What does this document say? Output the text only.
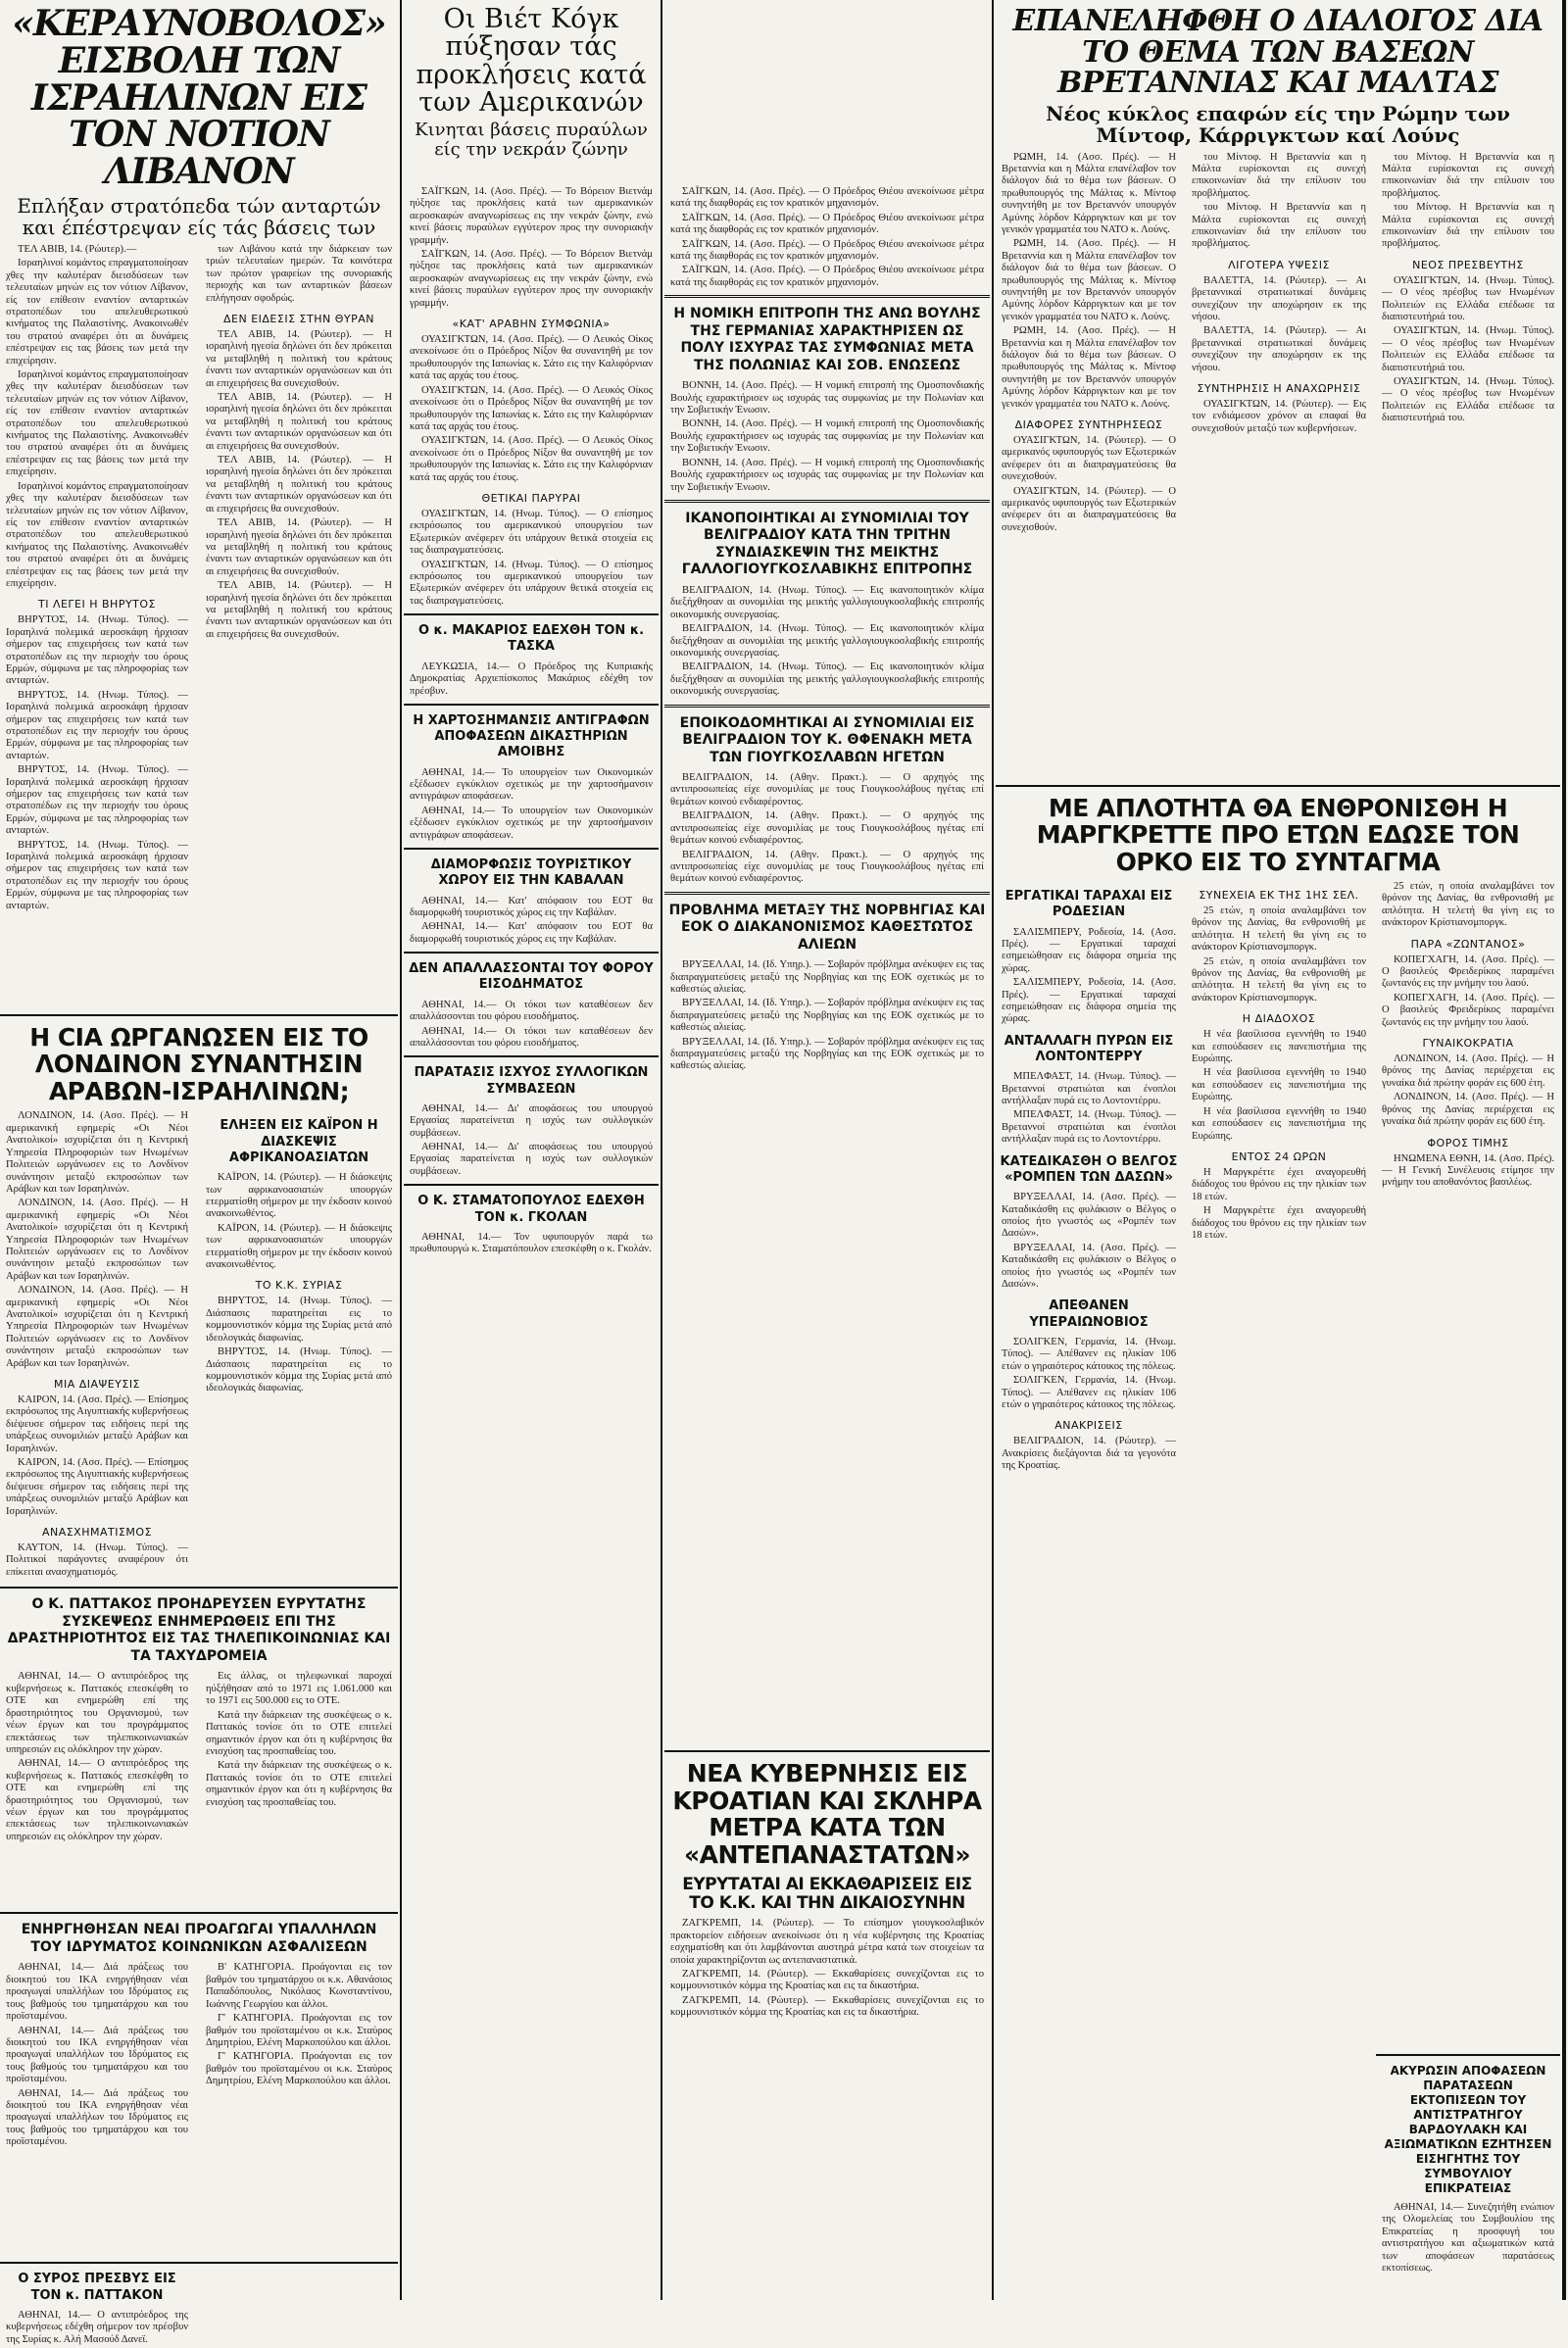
«ΚΕΡΑΥΝΟΒΟΛΟΣ» ΕΙΣΒΟΛΗ ΤΩΝ ΙΣΡΑΗΛΙΝΩΝ ΕΙΣ ΤΟΝ ΝΟΤΙΟΝ ΛΙΒΑΝΟΝ
Επλήξαν στρατόπεδα τών ανταρτών και έπέστρεψαν είς τάς βάσεις των

ΤΕΛ ΑΒΙΒ, 14. (Ρώυτερ).—

Ισραηλινοί κομάντος επραγματοποίησαν χθες την καλυτέραν διεισδύσεων των τελευταίων μηνών εις τον νότιον Λίβανον, είς τον επίθεσιν εναντίον ανταρτικών στρατοπέδων του απελευθερωτικού κινήματος της Παλαιστίνης. Ανακοινωθέν του στρατού αναφέρει ότι αι δυνάμεις επέστρεψαν εις τας βάσεις των μετά την επιχείρησιν.

Ισραηλινοί κομάντος επραγματοποίησαν χθες την καλυτέραν διεισδύσεων των τελευταίων μηνών εις τον νότιον Λίβανον, είς τον επίθεσιν εναντίον ανταρτικών στρατοπέδων του απελευθερωτικού κινήματος της Παλαιστίνης. Ανακοινωθέν του στρατού αναφέρει ότι αι δυνάμεις επέστρεψαν εις τας βάσεις των μετά την επιχείρησιν.

Ισραηλινοί κομάντος επραγματοποίησαν χθες την καλυτέραν διεισδύσεων των τελευταίων μηνών εις τον νότιον Λίβανον, είς τον επίθεσιν εναντίον ανταρτικών στρατοπέδων του απελευθερωτικού κινήματος της Παλαιστίνης. Ανακοινωθέν του στρατού αναφέρει ότι αι δυνάμεις επέστρεψαν εις τας βάσεις των μετά την επιχείρησιν.

ΤΙ ΛΕΓΕΙ Η ΒΗΡΥΤΟΣ

ΒΗΡΥΤΟΣ, 14. (Ηνωμ. Τύπος). — Ισραηλινά πολεμικά αεροσκάφη ήρχισαν σήμερον τας επιχειρήσεις των κατά των στρατοπέδων εις την περιοχήν του όρους Ερμών, σύμφωνα με τας πληροφορίας των ανταρτών.

ΒΗΡΥΤΟΣ, 14. (Ηνωμ. Τύπος). — Ισραηλινά πολεμικά αεροσκάφη ήρχισαν σήμερον τας επιχειρήσεις των κατά των στρατοπέδων εις την περιοχήν του όρους Ερμών, σύμφωνα με τας πληροφορίας των ανταρτών.

ΒΗΡΥΤΟΣ, 14. (Ηνωμ. Τύπος). — Ισραηλινά πολεμικά αεροσκάφη ήρχισαν σήμερον τας επιχειρήσεις των κατά των στρατοπέδων εις την περιοχήν του όρους Ερμών, σύμφωνα με τας πληροφορίας των ανταρτών.

ΒΗΡΥΤΟΣ, 14. (Ηνωμ. Τύπος). — Ισραηλινά πολεμικά αεροσκάφη ήρχισαν σήμερον τας επιχειρήσεις των κατά των στρατοπέδων εις την περιοχήν του όρους Ερμών, σύμφωνα με τας πληροφορίας των ανταρτών.

των Λιβάνου κατά την διάρκειαν των τριών τελευταίων ημερών. Τα κοινότερα των πρώτον γραφείων της συνοριακής περιοχής και των ανταρτικών βάσεων επλήγησαν σφοδρώς.

ΔΕΝ ΕΙΔΕΣΙΣ ΣΤΗΝ ΘΥΡΑΝ

ΤΕΛ ΑΒΙΒ, 14. (Ρώυτερ). — Η ισραηλινή ηγεσία δηλώνει ότι δεν πρόκειται να μεταβληθή η πολιτική του κράτους έναντι των ανταρτικών οργανώσεων και ότι αι επιχειρήσεις θα συνεχισθούν.

ΤΕΛ ΑΒΙΒ, 14. (Ρώυτερ). — Η ισραηλινή ηγεσία δηλώνει ότι δεν πρόκειται να μεταβληθή η πολιτική του κράτους έναντι των ανταρτικών οργανώσεων και ότι αι επιχειρήσεις θα συνεχισθούν.

ΤΕΛ ΑΒΙΒ, 14. (Ρώυτερ). — Η ισραηλινή ηγεσία δηλώνει ότι δεν πρόκειται να μεταβληθή η πολιτική του κράτους έναντι των ανταρτικών οργανώσεων και ότι αι επιχειρήσεις θα συνεχισθούν.

ΤΕΛ ΑΒΙΒ, 14. (Ρώυτερ). — Η ισραηλινή ηγεσία δηλώνει ότι δεν πρόκειται να μεταβληθή η πολιτική του κράτους έναντι των ανταρτικών οργανώσεων και ότι αι επιχειρήσεις θα συνεχισθούν.

ΤΕΛ ΑΒΙΒ, 14. (Ρώυτερ). — Η ισραηλινή ηγεσία δηλώνει ότι δεν πρόκειται να μεταβληθή η πολιτική του κράτους έναντι των ανταρτικών οργανώσεων και ότι αι επιχειρήσεις θα συνεχισθούν.

Η CIA ΩΡΓΑΝΩΣΕΝ ΕΙΣ ΤΟ ΛΟΝΔΙΝΟΝ ΣΥΝΑΝΤΗΣΙΝ ΑΡΑΒΩΝ-ΙΣΡΑΗΛΙΝΩΝ;

ΛΟΝΔΙΝΟΝ, 14. (Ασσ. Πρές). — Η αμερικανική εφημερίς «Οι Νέοι Ανατολικοί» ισχυρίζεται ότι η Κεντρική Υπηρεσία Πληροφοριών των Ηνωμένων Πολιτειών ωργάνωσεν εις το Λονδίνον συνάντησιν μεταξύ εκπροσώπων των Αράβων και των Ισραηλινών.

ΛΟΝΔΙΝΟΝ, 14. (Ασσ. Πρές). — Η αμερικανική εφημερίς «Οι Νέοι Ανατολικοί» ισχυρίζεται ότι η Κεντρική Υπηρεσία Πληροφοριών των Ηνωμένων Πολιτειών ωργάνωσεν εις το Λονδίνον συνάντησιν μεταξύ εκπροσώπων των Αράβων και των Ισραηλινών.

ΛΟΝΔΙΝΟΝ, 14. (Ασσ. Πρές). — Η αμερικανική εφημερίς «Οι Νέοι Ανατολικοί» ισχυρίζεται ότι η Κεντρική Υπηρεσία Πληροφοριών των Ηνωμένων Πολιτειών ωργάνωσεν εις το Λονδίνον συνάντησιν μεταξύ εκπροσώπων των Αράβων και των Ισραηλινών.

ΜΙΑ ΔΙΑΨΕΥΣΙΣ

ΚΑΙΡΟΝ, 14. (Ασσ. Πρές). — Επίσημος εκπρόσωπος της Αιγυπτιακής κυβερνήσεως διέψευσε σήμερον τας ειδήσεις περί της υπάρξεως συνομιλιών μεταξύ Αράβων και Ισραηλινών.

ΚΑΙΡΟΝ, 14. (Ασσ. Πρές). — Επίσημος εκπρόσωπος της Αιγυπτιακής κυβερνήσεως διέψευσε σήμερον τας ειδήσεις περί της υπάρξεως συνομιλιών μεταξύ Αράβων και Ισραηλινών.

ΑΝΑΣΧΗΜΑΤΙΣΜΟΣ

ΚΑΥΤΟΝ, 14. (Ηνωμ. Τύπος). — Πολιτικοί παράγοντες αναφέρουν ότι επίκειται ανασχηματισμός.

ΕΛΗΞΕΝ ΕΙΣ ΚΑΪΡΟΝ Η ΔΙΑΣΚΕΨΙΣ ΑΦΡΙΚΑΝΟΑΣΙΑΤΩΝ

ΚΑΪΡΟΝ, 14. (Ρώυτερ). — Η διάσκεψις των αφρικανοασιατών υπουργών ετερματίσθη σήμερον με την έκδοσιν κοινού ανακοινωθέντος.

ΚΑΪΡΟΝ, 14. (Ρώυτερ). — Η διάσκεψις των αφρικανοασιατών υπουργών ετερματίσθη σήμερον με την έκδοσιν κοινού ανακοινωθέντος.

ΤΟ Κ.Κ. ΣΥΡΙΑΣ

ΒΗΡΥΤΟΣ, 14. (Ηνωμ. Τύπος). — Διάσπασις παρατηρείται εις το κομμουνιστικόν κόμμα της Συρίας μετά από ιδεολογικάς διαφωνίας.

ΒΗΡΥΤΟΣ, 14. (Ηνωμ. Τύπος). — Διάσπασις παρατηρείται εις το κομμουνιστικόν κόμμα της Συρίας μετά από ιδεολογικάς διαφωνίας.

Ο Κ. ΠΑΤΤΑΚΟΣ ΠΡΟΗΔΡΕΥΣΕΝ ΕΥΡΥΤΑΤΗΣ ΣΥΣΚΕΨΕΩΣ ΕΝΗΜΕΡΩΘΕΙΣ ΕΠΙ ΤΗΣ ΔΡΑΣΤΗΡΙΟΤΗΤΟΣ ΕΙΣ ΤΑΣ ΤΗΛΕΠΙΚΟΙΝΩΝΙΑΣ ΚΑΙ ΤΑ ΤΑΧΥΔΡΟΜΕΙΑ

ΑΘΗΝΑΙ, 14.— Ο αντιπρόεδρος της κυβερνήσεως κ. Παττακός επεσκέφθη το ΟΤΕ και ενημερώθη επί της δραστηριότητος του Οργανισμού, των νέων έργων και του προγράμματος επεκτάσεως των τηλεπικοινωνιακών υπηρεσιών εις ολόκληρον την χώραν.

ΑΘΗΝΑΙ, 14.— Ο αντιπρόεδρος της κυβερνήσεως κ. Παττακός επεσκέφθη το ΟΤΕ και ενημερώθη επί της δραστηριότητος του Οργανισμού, των νέων έργων και του προγράμματος επεκτάσεως των τηλεπικοινωνιακών υπηρεσιών εις ολόκληρον την χώραν.

Εις άλλας, οι τηλεφωνικαί παροχαί ηύξήθησαν από το 1971 εις 1.061.000 και το 1971 εις 500.000 εις το ΟΤΕ.

Κατά την διάρκειαν της συσκέψεως ο κ. Παττακός τονίσε ότι το ΟΤΕ επιτελεί σημαντικόν έργον και ότι η κυβέρνησις θα ενισχύση τας προσπαθείας του.

Κατά την διάρκειαν της συσκέψεως ο κ. Παττακός τονίσε ότι το ΟΤΕ επιτελεί σημαντικόν έργον και ότι η κυβέρνησις θα ενισχύση τας προσπαθείας του.

ΕΝΗΡΓΗΘΗΣΑΝ ΝΕΑΙ ΠΡΟΑΓΩΓΑΙ ΥΠΑΛΛΗΛΩΝ ΤΟΥ ΙΔΡΥΜΑΤΟΣ ΚΟΙΝΩΝΙΚΩΝ ΑΣΦΑΛΙΣΕΩΝ

ΑΘΗΝΑΙ, 14.— Διά πράξεως του διοικητού του ΙΚΑ ενηργήθησαν νέαι προαγωγαί υπαλλήλων του Ιδρύματος εις τους βαθμούς του τμηματάρχου και του προϊσταμένου.

ΑΘΗΝΑΙ, 14.— Διά πράξεως του διοικητού του ΙΚΑ ενηργήθησαν νέαι προαγωγαί υπαλλήλων του Ιδρύματος εις τους βαθμούς του τμηματάρχου και του προϊσταμένου.

ΑΘΗΝΑΙ, 14.— Διά πράξεως του διοικητού του ΙΚΑ ενηργήθησαν νέαι προαγωγαί υπαλλήλων του Ιδρύματος εις τους βαθμούς του τμηματάρχου και του προϊσταμένου.

Β' ΚΑΤΗΓΟΡΙΑ. Προάγονται εις τον βαθμόν του τμηματάρχου οι κ.κ. Αθανάσιος Παπαδόπουλος, Νικόλαος Κωνσταντίνου, Ιωάννης Γεωργίου και άλλοι.

Γ' ΚΑΤΗΓΟΡΙΑ. Προάγονται εις τον βαθμόν του προϊσταμένου οι κ.κ. Σταύρος Δημητρίου, Ελένη Μαρκοπούλου και άλλοι.

Γ' ΚΑΤΗΓΟΡΙΑ. Προάγονται εις τον βαθμόν του προϊσταμένου οι κ.κ. Σταύρος Δημητρίου, Ελένη Μαρκοπούλου και άλλοι.

Ο ΣΥΡΟΣ ΠΡΕΣΒΥΣ ΕΙΣ ΤΟΝ κ. ΠΑΤΤΑΚΟΝ

ΑΘΗΝΑΙ, 14.— Ο αντιπρόεδρος της κυβερνήσεως εδέχθη σήμερον τον πρέσβυν της Συρίας κ. Αλή Μασούδ Δανεϊ.

Οι Βιέτ Κόγκ πύξησαν τάς προκλήσεις κατά των Αμερικανών
Κινηται βάσεις πυραύλων είς την νεκράν ζώνην

ΣΑΪΓΚΩΝ, 14. (Ασσ. Πρές). — Το Βόρειον Βιετνάμ ηύξησε τας προκλήσεις κατά των αμερικανικών αεροσκαφών αναγνωρίσεως εις την νεκράν ζώνην, ενώ κινεί βάσεις πυραύλων εγγύτερον προς την συνοριακήν γραμμήν.

ΣΑΪΓΚΩΝ, 14. (Ασσ. Πρές). — Το Βόρειον Βιετνάμ ηύξησε τας προκλήσεις κατά των αμερικανικών αεροσκαφών αναγνωρίσεως εις την νεκράν ζώνην, ενώ κινεί βάσεις πυραύλων εγγύτερον προς την συνοριακήν γραμμήν.

«ΚΑΤ' ΑΡΑΒΗΝ ΣΥΜΦΩΝΙΑ»

ΟΥΑΣΙΓΚΤΩΝ, 14. (Ασσ. Πρές). — Ο Λευκός Οίκος ανεκοίνωσε ότι ο Πρόεδρος Νίξον θα συναντηθή με τον πρωθυπουργόν της Ιαπωνίας κ. Σάτο εις την Καλιφόρνιαν κατά τας αρχάς του έτους.

ΟΥΑΣΙΓΚΤΩΝ, 14. (Ασσ. Πρές). — Ο Λευκός Οίκος ανεκοίνωσε ότι ο Πρόεδρος Νίξον θα συναντηθή με τον πρωθυπουργόν της Ιαπωνίας κ. Σάτο εις την Καλιφόρνιαν κατά τας αρχάς του έτους.

ΟΥΑΣΙΓΚΤΩΝ, 14. (Ασσ. Πρές). — Ο Λευκός Οίκος ανεκοίνωσε ότι ο Πρόεδρος Νίξον θα συναντηθή με τον πρωθυπουργόν της Ιαπωνίας κ. Σάτο εις την Καλιφόρνιαν κατά τας αρχάς του έτους.

ΘΕΤΙΚΑΙ ΠΑΡΥΡΑΙ

ΟΥΑΣΙΓΚΤΩΝ, 14. (Ηνωμ. Τύπος). — Ο επίσημος εκπρόσωπος του αμερικανικού υπουργείου των Εξωτερικών ανέφερεν ότι υπάρχουν θετικά στοιχεία εις τας διαπραγματεύσεις.

ΟΥΑΣΙΓΚΤΩΝ, 14. (Ηνωμ. Τύπος). — Ο επίσημος εκπρόσωπος του αμερικανικού υπουργείου των Εξωτερικών ανέφερεν ότι υπάρχουν θετικά στοιχεία εις τας διαπραγματεύσεις.

Ο κ. ΜΑΚΑΡΙΟΣ ΕΔΕΧΘΗ ΤΟΝ κ. ΤΑΣΚΑ

ΛΕΥΚΩΣΙΑ, 14.— Ο Πρόεδρος της Κυπριακής Δημοκρατίας Αρχιεπίσκοπος Μακάριος εδέχθη τον πρέσβυν.

Η ΧΑΡΤΟΣΗΜΑΝΣΙΣ ΑΝΤΙΓΡΑΦΩΝ ΑΠΟΦΑΣΕΩΝ ΔΙΚΑΣΤΗΡΙΩΝ ΑΜΟΙΒΗΣ

ΑΘΗΝΑΙ, 14.— Το υπουργείον των Οικονομικών εξέδωσεν εγκύκλιον σχετικώς με την χαρτοσήμανσιν αντιγράφων αποφάσεων.

ΑΘΗΝΑΙ, 14.— Το υπουργείον των Οικονομικών εξέδωσεν εγκύκλιον σχετικώς με την χαρτοσήμανσιν αντιγράφων αποφάσεων.

ΔΙΑΜΟΡΦΩΣΙΣ ΤΟΥΡΙΣΤΙΚΟΥ ΧΩΡΟΥ ΕΙΣ ΤΗΝ ΚΑΒΑΛΑΝ

ΑΘΗΝΑΙ, 14.— Κατ' απόφασιν του ΕΟΤ θα διαμορφωθή τουριστικός χώρος εις την Καβάλαν.

ΑΘΗΝΑΙ, 14.— Κατ' απόφασιν του ΕΟΤ θα διαμορφωθή τουριστικός χώρος εις την Καβάλαν.

ΔΕΝ ΑΠΑΛΛΑΣΣΟΝΤΑΙ ΤΟΥ ΦΟΡΟΥ ΕΙΣΟΔΗΜΑΤΟΣ

ΑΘΗΝΑΙ, 14.— Οι τόκοι των καταθέσεων δεν απαλλάσσονται του φόρου εισοδήματος.

ΑΘΗΝΑΙ, 14.— Οι τόκοι των καταθέσεων δεν απαλλάσσονται του φόρου εισοδήματος.

ΠΑΡΑΤΑΣΙΣ ΙΣΧΥΟΣ ΣΥΛΛΟΓΙΚΩΝ ΣΥΜΒΑΣΕΩΝ

ΑΘΗΝΑΙ, 14.— Δι' αποφάσεως του υπουργού Εργασίας παρατείνεται η ισχύς των συλλογικών συμβάσεων.

ΑΘΗΝΑΙ, 14.— Δι' αποφάσεως του υπουργού Εργασίας παρατείνεται η ισχύς των συλλογικών συμβάσεων.

Ο Κ. ΣΤΑΜΑΤΟΠΟΥΛΟΣ ΕΔΕΧΘΗ ΤΟΝ κ. ΓΚΟΛΑΝ

ΑΘΗΝΑΙ, 14.— Τον υφυπουργόν παρά τω πρωθυπουργώ κ. Σταματόπουλον επεσκέφθη ο κ. Γκολάν.

ΣΑΪΓΚΩΝ, 14. (Ασσ. Πρές). — Ο Πρόεδρος Θιέου ανεκοίνωσε μέτρα κατά της διαφθοράς εις τον κρατικόν μηχανισμόν.

ΣΑΪΓΚΩΝ, 14. (Ασσ. Πρές). — Ο Πρόεδρος Θιέου ανεκοίνωσε μέτρα κατά της διαφθοράς εις τον κρατικόν μηχανισμόν.

ΣΑΪΓΚΩΝ, 14. (Ασσ. Πρές). — Ο Πρόεδρος Θιέου ανεκοίνωσε μέτρα κατά της διαφθοράς εις τον κρατικόν μηχανισμόν.

ΣΑΪΓΚΩΝ, 14. (Ασσ. Πρές). — Ο Πρόεδρος Θιέου ανεκοίνωσε μέτρα κατά της διαφθοράς εις τον κρατικόν μηχανισμόν.

Η ΝΟΜΙΚΗ ΕΠΙΤΡΟΠΗ ΤΗΣ ΑΝΩ ΒΟΥΛΗΣ ΤΗΣ ΓΕΡΜΑΝΙΑΣ ΧΑΡΑΚΤΗΡΙΣΕΝ ΩΣ ΠΟΛΥ ΙΣΧΥΡΑΣ ΤΑΣ ΣΥΜΦΩΝΙΑΣ ΜΕΤΑ ΤΗΣ ΠΟΛΩΝΙΑΣ ΚΑΙ ΣΟΒ. ΕΝΩΣΕΩΣ

ΒΟΝΝΗ, 14. (Ασσ. Πρές). — Η νομική επιτροπή της Ομοσπονδιακής Βουλής εχαρακτήρισεν ως ισχυράς τας συμφωνίας με την Πολωνίαν και την Σοβιετικήν Ένωσιν.

ΒΟΝΝΗ, 14. (Ασσ. Πρές). — Η νομική επιτροπή της Ομοσπονδιακής Βουλής εχαρακτήρισεν ως ισχυράς τας συμφωνίας με την Πολωνίαν και την Σοβιετικήν Ένωσιν.

ΒΟΝΝΗ, 14. (Ασσ. Πρές). — Η νομική επιτροπή της Ομοσπονδιακής Βουλής εχαρακτήρισεν ως ισχυράς τας συμφωνίας με την Πολωνίαν και την Σοβιετικήν Ένωσιν.

ΙΚΑΝΟΠΟΙΗΤΙΚΑΙ ΑΙ ΣΥΝΟΜΙΛΙΑΙ ΤΟΥ ΒΕΛΙΓΡΑΔΙΟΥ ΚΑΤΑ ΤΗΝ ΤΡΙΤΗΝ ΣΥΝΔΙΑΣΚΕΨΙΝ ΤΗΣ ΜΕΙΚΤΗΣ ΓΑΛΛΟΓΙΟΥΓΚΟΣΛΑΒΙΚΗΣ ΕΠΙΤΡΟΠΗΣ

ΒΕΛΙΓΡΑΔΙΟΝ, 14. (Ηνωμ. Τύπος). — Εις ικανοποιητικόν κλίμα διεξήχθησαν αι συνομιλίαι της μεικτής γαλλογιουγκοσλαβικής επιτροπής οικονομικής συνεργασίας.

ΒΕΛΙΓΡΑΔΙΟΝ, 14. (Ηνωμ. Τύπος). — Εις ικανοποιητικόν κλίμα διεξήχθησαν αι συνομιλίαι της μεικτής γαλλογιουγκοσλαβικής επιτροπής οικονομικής συνεργασίας.

ΒΕΛΙΓΡΑΔΙΟΝ, 14. (Ηνωμ. Τύπος). — Εις ικανοποιητικόν κλίμα διεξήχθησαν αι συνομιλίαι της μεικτής γαλλογιουγκοσλαβικής επιτροπής οικονομικής συνεργασίας.

ΕΠΟΙΚΟΔΟΜΗΤΙΚΑΙ ΑΙ ΣΥΝΟΜΙΛΙΑΙ ΕΙΣ ΒΕΛΙΓΡΑΔΙΟΝ ΤΟΥ Κ. ΘΦΕΝΑΚΗ ΜΕΤΑ ΤΩΝ ΓΙΟΥΓΚΟΣΛΑΒΩΝ ΗΓΕΤΩΝ

ΒΕΛΙΓΡΑΔΙΟΝ, 14. (Αθην. Πρακτ.). — Ο αρχηγός της αντιπροσωπείας είχε συνομιλίας με τους Γιουγκοσλάβους ηγέτας επί θεμάτων κοινού ενδιαφέροντος.

ΒΕΛΙΓΡΑΔΙΟΝ, 14. (Αθην. Πρακτ.). — Ο αρχηγός της αντιπροσωπείας είχε συνομιλίας με τους Γιουγκοσλάβους ηγέτας επί θεμάτων κοινού ενδιαφέροντος.

ΒΕΛΙΓΡΑΔΙΟΝ, 14. (Αθην. Πρακτ.). — Ο αρχηγός της αντιπροσωπείας είχε συνομιλίας με τους Γιουγκοσλάβους ηγέτας επί θεμάτων κοινού ενδιαφέροντος.

ΠΡΟΒΛΗΜΑ ΜΕΤΑΞΥ ΤΗΣ ΝΟΡΒΗΓΙΑΣ ΚΑΙ ΕΟΚ Ο ΔΙΑΚΑΝΟΝΙΣΜΟΣ ΚΑΘΕΣΤΩΤΟΣ ΑΛΙΕΩΝ

ΒΡΥΞΕΛΛΑΙ, 14. (Ιδ. Υπηρ.). — Σοβαρόν πρόβλημα ανέκυψεν εις τας διαπραγματεύσεις μεταξύ της Νορβηγίας και της ΕΟΚ σχετικώς με το καθεστώς αλιείας.

ΒΡΥΞΕΛΛΑΙ, 14. (Ιδ. Υπηρ.). — Σοβαρόν πρόβλημα ανέκυψεν εις τας διαπραγματεύσεις μεταξύ της Νορβηγίας και της ΕΟΚ σχετικώς με το καθεστώς αλιείας.

ΒΡΥΞΕΛΛΑΙ, 14. (Ιδ. Υπηρ.). — Σοβαρόν πρόβλημα ανέκυψεν εις τας διαπραγματεύσεις μεταξύ της Νορβηγίας και της ΕΟΚ σχετικώς με το καθεστώς αλιείας.

ΝΕΑ ΚΥΒΕΡΝΗΣΙΣ ΕΙΣ ΚΡΟΑΤΙΑΝ ΚΑΙ ΣΚΛΗΡΑ ΜΕΤΡΑ ΚΑΤΑ ΤΩΝ «ΑΝΤΕΠΑΝΑΣΤΑΤΩΝ»
ΕΥΡΥΤΑΤΑΙ ΑΙ ΕΚΚΑΘΑΡΙΣΕΙΣ ΕΙΣ ΤΟ Κ.Κ. ΚΑΙ ΤΗΝ ΔΙΚΑΙΟΣΥΝΗΝ

ΖΑΓΚΡΕΜΠ, 14. (Ρώυτερ). — Το επίσημον γιουγκοσλαβικόν πρακτορείον ειδήσεων ανεκοίνωσε ότι η νέα κυβέρνησις της Κροατίας εσχηματίσθη και ότι λαμβάνονται αυστηρά μέτρα κατά των στοιχείων τα οποία χαρακτηρίζονται ως αντεπαναστατικά.

ΖΑΓΚΡΕΜΠ, 14. (Ρώυτερ). — Εκκαθαρίσεις συνεχίζονται εις το κομμουνιστικόν κόμμα της Κροατίας και εις τα δικαστήρια.

ΖΑΓΚΡΕΜΠ, 14. (Ρώυτερ). — Εκκαθαρίσεις συνεχίζονται εις το κομμουνιστικόν κόμμα της Κροατίας και εις τα δικαστήρια.

ΕΠΑΝΕΛΗΦΘΗ Ο ΔΙΑΛΟΓΟΣ ΔΙΑ ΤΟ ΘΕΜΑ ΤΩΝ ΒΑΣΕΩΝ ΒΡΕΤΑΝΝΙΑΣ ΚΑΙ ΜΑΛΤΑΣ
Νέος κύκλος επαφών είς την Ρώμην των Μίντοφ, Κάρριγκτων καί Λούνς

ΡΩΜΗ, 14. (Ασσ. Πρές). — Η Βρεταννία και η Μάλτα επανέλαβον τον διάλογον διά το θέμα των βάσεων. Ο πρωθυπουργός της Μάλτας κ. Μίντοφ συνηντήθη με τον Βρεταννόν υπουργόν Αμύνης λόρδον Κάρριγκτων και με τον γενικόν γραμματέα του ΝΑΤΟ κ. Λούνς.

ΡΩΜΗ, 14. (Ασσ. Πρές). — Η Βρεταννία και η Μάλτα επανέλαβον τον διάλογον διά το θέμα των βάσεων. Ο πρωθυπουργός της Μάλτας κ. Μίντοφ συνηντήθη με τον Βρεταννόν υπουργόν Αμύνης λόρδον Κάρριγκτων και με τον γενικόν γραμματέα του ΝΑΤΟ κ. Λούνς.

ΡΩΜΗ, 14. (Ασσ. Πρές). — Η Βρεταννία και η Μάλτα επανέλαβον τον διάλογον διά το θέμα των βάσεων. Ο πρωθυπουργός της Μάλτας κ. Μίντοφ συνηντήθη με τον Βρεταννόν υπουργόν Αμύνης λόρδον Κάρριγκτων και με τον γενικόν γραμματέα του ΝΑΤΟ κ. Λούνς.

ΔΙΑΦΟΡΕΣ ΣΥΝΤΗΡΗΣΕΩΣ

ΟΥΑΣΙΓΚΤΩΝ, 14. (Ρώυτερ). — Ο αμερικανός υφυπουργός των Εξωτερικών ανέφερεν ότι αι διαπραγματεύσεις θα συνεχισθούν.

ΟΥΑΣΙΓΚΤΩΝ, 14. (Ρώυτερ). — Ο αμερικανός υφυπουργός των Εξωτερικών ανέφερεν ότι αι διαπραγματεύσεις θα συνεχισθούν.

του Μίντοφ. Η Βρεταννία και η Μάλτα ευρίσκονται εις συνεχή επικοινωνίαν διά την επίλυσιν του προβλήματος.

του Μίντοφ. Η Βρεταννία και η Μάλτα ευρίσκονται εις συνεχή επικοινωνίαν διά την επίλυσιν του προβλήματος.

ΛΙΓΟΤΕΡΑ ΥΨΕΣΙΣ

ΒΑΛΕΤΤΑ, 14. (Ρώυτερ). — Αι βρεταννικαί στρατιωτικαί δυνάμεις συνεχίζουν την αποχώρησιν εκ της νήσου.

ΒΑΛΕΤΤΑ, 14. (Ρώυτερ). — Αι βρεταννικαί στρατιωτικαί δυνάμεις συνεχίζουν την αποχώρησιν εκ της νήσου.

ΣΥΝΤΗΡΗΣΙΣ Η ΑΝΑΧΩΡΗΣΙΣ

ΟΥΑΣΙΓΚΤΩΝ, 14. (Ρώυτερ). — Εις τον ενδιάμεσον χρόνον αι επαφαί θα συνεχισθούν μεταξύ των κυβερνήσεων.

του Μίντοφ. Η Βρεταννία και η Μάλτα ευρίσκονται εις συνεχή επικοινωνίαν διά την επίλυσιν του προβλήματος.

του Μίντοφ. Η Βρεταννία και η Μάλτα ευρίσκονται εις συνεχή επικοινωνίαν διά την επίλυσιν του προβλήματος.

ΝΕΟΣ ΠΡΕΣΒΕΥΤΗΣ

ΟΥΑΣΙΓΚΤΩΝ, 14. (Ηνωμ. Τύπος). — Ο νέος πρέσβυς των Ηνωμένων Πολιτειών εις Ελλάδα επέδωσε τα διαπιστευτήριά του.

ΟΥΑΣΙΓΚΤΩΝ, 14. (Ηνωμ. Τύπος). — Ο νέος πρέσβυς των Ηνωμένων Πολιτειών εις Ελλάδα επέδωσε τα διαπιστευτήριά του.

ΟΥΑΣΙΓΚΤΩΝ, 14. (Ηνωμ. Τύπος). — Ο νέος πρέσβυς των Ηνωμένων Πολιτειών εις Ελλάδα επέδωσε τα διαπιστευτήριά του.

ΜΕ ΑΠΛΟΤΗΤΑ ΘΑ ΕΝΘΡΟΝΙΣΘΗ Η ΜΑΡΓΚΡΕΤΤΕ ΠΡΟ ΕΤΩΝ ΕΔΩΣΕ ΤΟΝ ΟΡΚΟ ΕΙΣ ΤΟ ΣΥΝΤΑΓΜΑ
ΕΡΓΑΤΙΚΑΙ ΤΑΡΑΧΑΙ ΕΙΣ ΡΟΔΕΣΙΑΝ

ΣΑΛΙΣΜΠΕΡΥ, Ροδεσία, 14. (Ασσ. Πρές). — Εργατικαί ταραχαί εσημειώθησαν εις διάφορα σημεία της χώρας.

ΣΑΛΙΣΜΠΕΡΥ, Ροδεσία, 14. (Ασσ. Πρές). — Εργατικαί ταραχαί εσημειώθησαν εις διάφορα σημεία της χώρας.

ΑΝΤΑΛΛΑΓΗ ΠΥΡΩΝ ΕΙΣ ΛΟΝΤΟΝΤΕΡΡΥ

ΜΠΕΛΦΑΣΤ, 14. (Ηνωμ. Τύπος). — Βρεταννοί στρατιώται και ένοπλοι αντήλλαξαν πυρά εις το Λοντοντέρρυ.

ΜΠΕΛΦΑΣΤ, 14. (Ηνωμ. Τύπος). — Βρεταννοί στρατιώται και ένοπλοι αντήλλαξαν πυρά εις το Λοντοντέρρυ.

ΚΑΤΕΔΙΚΑΣΘΗ Ο ΒΕΛΓΟΣ «ΡΟΜΠΕΝ ΤΩΝ ΔΑΣΩΝ»

ΒΡΥΞΕΛΛΑΙ, 14. (Ασσ. Πρές). — Καταδικάσθη εις φυλάκισιν ο Βέλγος ο οποίος ήτο γνωστός ως «Ρομπέν των Δασών».

ΒΡΥΞΕΛΛΑΙ, 14. (Ασσ. Πρές). — Καταδικάσθη εις φυλάκισιν ο Βέλγος ο οποίος ήτο γνωστός ως «Ρομπέν των Δασών».

ΑΠΕΘΑΝΕΝ ΥΠΕΡΑΙΩΝΟΒΙΟΣ

ΣΟΛΙΓΚΕΝ, Γερμανία, 14. (Ηνωμ. Τύπος). — Απέθανεν εις ηλικίαν 106 ετών ο γηραιότερος κάτοικος της πόλεως.

ΣΟΛΙΓΚΕΝ, Γερμανία, 14. (Ηνωμ. Τύπος). — Απέθανεν εις ηλικίαν 106 ετών ο γηραιότερος κάτοικος της πόλεως.

ΑΝΑΚΡΙΣΕΙΣ

ΒΕΛΙΓΡΑΔΙΟΝ, 14. (Ρώυτερ). — Ανακρίσεις διεξάγονται διά τα γεγονότα της Κροατίας.

ΣΥΝΕΧΕΙΑ ΕΚ ΤΗΣ 1ΗΣ ΣΕΛ.

25 ετών, η οποία αναλαμβάνει τον θρόνον της Δανίας, θα ενθρονισθή με απλότητα. Η τελετή θα γίνη εις το ανάκτορον Κρίστιανσμποργκ.

25 ετών, η οποία αναλαμβάνει τον θρόνον της Δανίας, θα ενθρονισθή με απλότητα. Η τελετή θα γίνη εις το ανάκτορον Κρίστιανσμποργκ.

Η ΔΙΑΔΟΧΟΣ

Η νέα βασίλισσα εγεννήθη το 1940 και εσπούδασεν εις πανεπιστήμια της Ευρώπης.

Η νέα βασίλισσα εγεννήθη το 1940 και εσπούδασεν εις πανεπιστήμια της Ευρώπης.

Η νέα βασίλισσα εγεννήθη το 1940 και εσπούδασεν εις πανεπιστήμια της Ευρώπης.

ΕΝΤΟΣ 24 ΩΡΩΝ

Η Μαργκρέττε έχει αναγορευθή διάδοχος του θρόνου εις την ηλικίαν των 18 ετών.

Η Μαργκρέττε έχει αναγορευθή διάδοχος του θρόνου εις την ηλικίαν των 18 ετών.

25 ετών, η οποία αναλαμβάνει τον θρόνον της Δανίας, θα ενθρονισθή με απλότητα. Η τελετή θα γίνη εις το ανάκτορον Κρίστιανσμποργκ.

ΠΑΡΑ «ΖΩΝΤΑΝΟΣ»

ΚΟΠΕΓΧΑΓΗ, 14. (Ασσ. Πρές). — Ο βασιλεύς Φρειδερίκος παραμένει ζωντανός εις την μνήμην του λαού.

ΚΟΠΕΓΧΑΓΗ, 14. (Ασσ. Πρές). — Ο βασιλεύς Φρειδερίκος παραμένει ζωντανός εις την μνήμην του λαού.

ΓΥΝΑΙΚΟΚΡΑΤΙΑ

ΛΟΝΔΙΝΟΝ, 14. (Ασσ. Πρές). — Η θρόνος της Δανίας περιέρχεται εις γυναίκα διά πρώτην φοράν εις 600 έτη.

ΛΟΝΔΙΝΟΝ, 14. (Ασσ. Πρές). — Η θρόνος της Δανίας περιέρχεται εις γυναίκα διά πρώτην φοράν εις 600 έτη.

ΦΟΡΟΣ ΤΙΜΗΣ

ΗΝΩΜΕΝΑ ΕΘΝΗ, 14. (Ασσ. Πρές). — Η Γενική Συνέλευσις ετίμησε την μνήμην του αποθανόντος βασιλέως.

ΑΚΥΡΩΣΙΝ ΑΠΟΦΑΣΕΩΝ ΠΑΡΑΤΑΣΕΩΝ ΕΚΤΟΠΙΣΕΩΝ ΤΟΥ ΑΝΤΙΣΤΡΑΤΗΓΟΥ ΒΑΡΔΟΥΛΑΚΗ ΚΑΙ ΑΞΙΩΜΑΤΙΚΩΝ ΕΖΗΤΗΣΕΝ ΕΙΣΗΓΗΤΗΣ ΤΟΥ ΣΥΜΒΟΥΛΙΟΥ ΕΠΙΚΡΑΤΕΙΑΣ

ΑΘΗΝΑΙ, 14.— Συνεζητήθη ενώπιον της Ολομελείας του Συμβουλίου της Επικρατείας η προσφυγή του αντιστρατήγου και αξιωματικών κατά των αποφάσεων παρατάσεως εκτοπίσεως.
